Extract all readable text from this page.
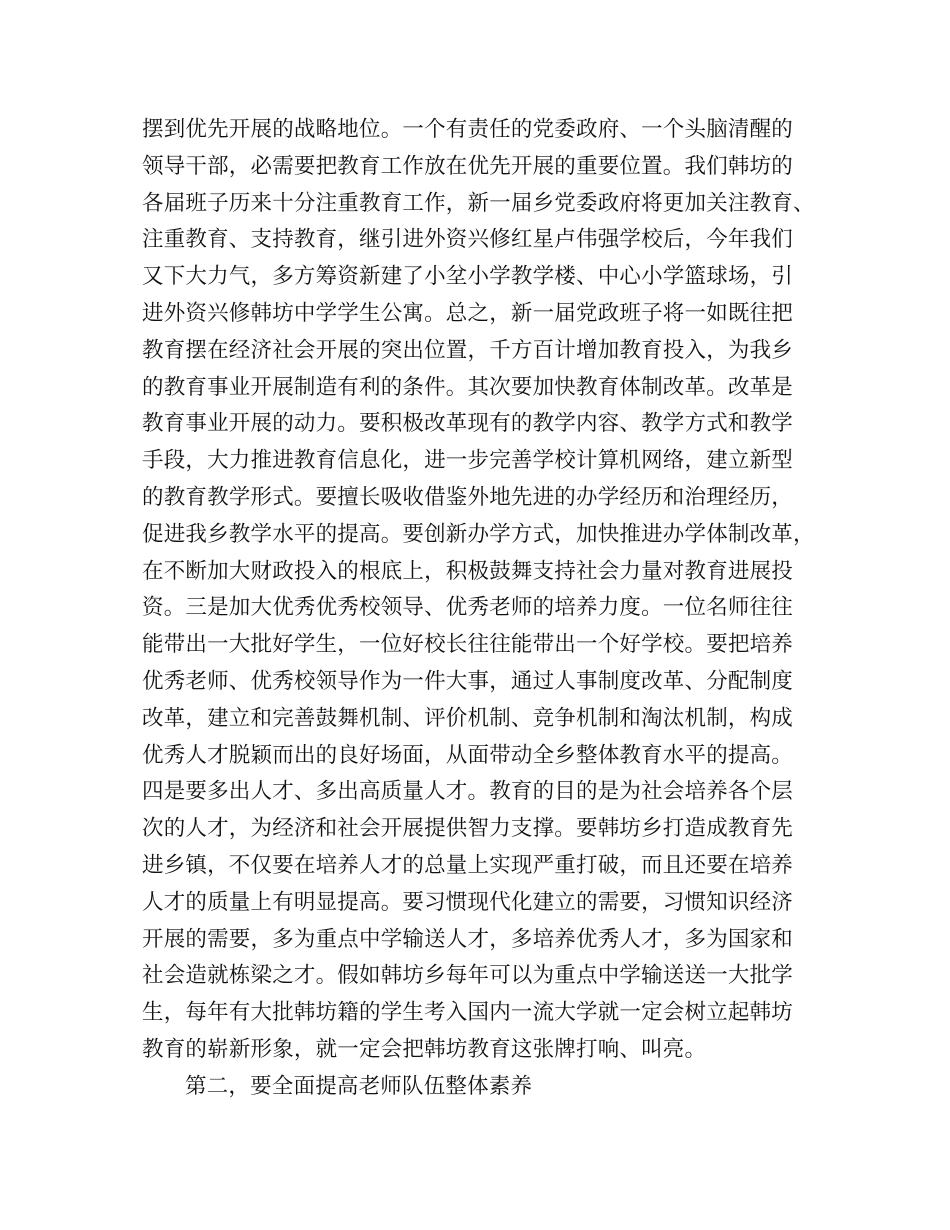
摆到优先开展的战略地位。一个有责任的党委政府、一个头脑清醒的
领导干部，必需要把教育工作放在优先开展的重要位置。我们韩坊的
各届班子历来十分注重教育工作，新一届乡党委政府将更加关注教育、
注重教育、支持教育，继引进外资兴修红星卢伟强学校后，今年我们
又下大力气，多方筹资新建了小坌小学教学楼、中心小学篮球场，引
进外资兴修韩坊中学学生公寓。总之，新一届党政班子将一如既往把
教育摆在经济社会开展的突出位置，千方百计增加教育投入，为我乡
的教育事业开展制造有利的条件。其次要加快教育体制改革。改革是
教育事业开展的动力。要积极改革现有的教学内容、教学方式和教学
手段，大力推进教育信息化，进一步完善学校计算机网络，建立新型
的教育教学形式。要擅长吸收借鉴外地先进的办学经历和治理经历，
促进我乡教学水平的提高。要创新办学方式，加快推进办学体制改革，
在不断加大财政投入的根底上，积极鼓舞支持社会力量对教育进展投
资。三是加大优秀优秀校领导、优秀老师的培养力度。一位名师往往
能带出一大批好学生，一位好校长往往能带出一个好学校。要把培养
优秀老师、优秀校领导作为一件大事，通过人事制度改革、分配制度
改革，建立和完善鼓舞机制、评价机制、竞争机制和淘汰机制，构成
优秀人才脱颖而出的良好场面，从面带动全乡整体教育水平的提高。
四是要多出人才、多出高质量人才。教育的目的是为社会培养各个层
次的人才，为经济和社会开展提供智力支撑。要韩坊乡打造成教育先
进乡镇，不仅要在培养人才的总量上实现严重打破，而且还要在培养
人才的质量上有明显提高。要习惯现代化建立的需要，习惯知识经济
开展的需要，多为重点中学输送人才，多培养优秀人才，多为国家和
社会造就栋梁之才。假如韩坊乡每年可以为重点中学输送送一大批学
生，每年有大批韩坊籍的学生考入国内一流大学就一定会树立起韩坊
教育的崭新形象，就一定会把韩坊教育这张牌打响、叫亮。
第二，要全面提高老师队伍整体素养
